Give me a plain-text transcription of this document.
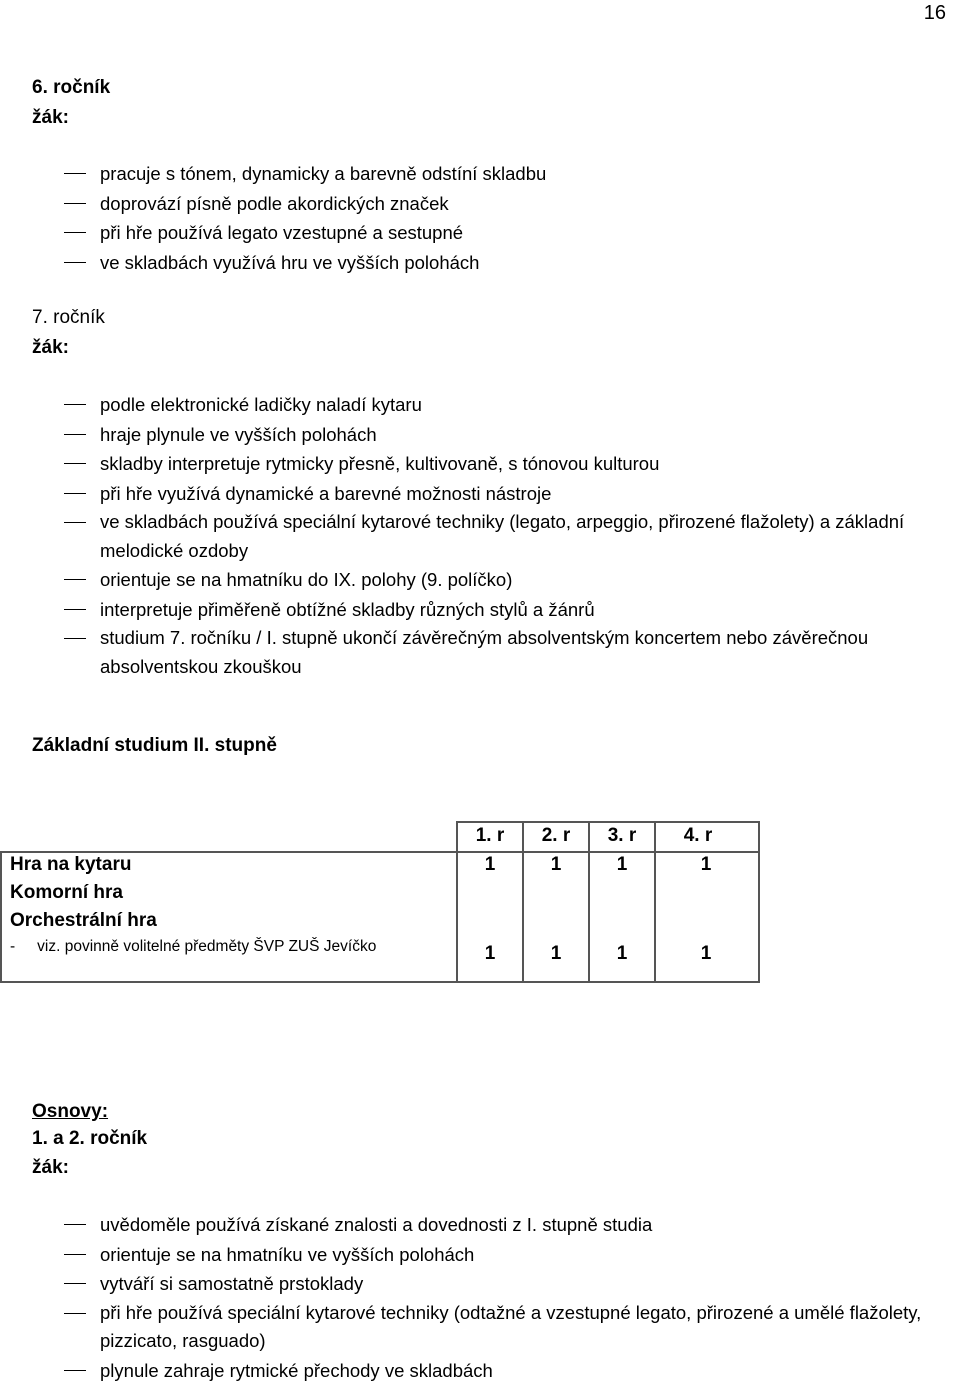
16
6. ročník
žák:
pracuje s tónem, dynamicky a barevně odstíní skladbu
doprovází písně podle akordických značek
při hře používá legato vzestupné a sestupné
ve skladbách využívá hru ve vyšších polohách
7. ročník
žák:
podle elektronické ladičky naladí kytaru
hraje plynule ve vyšších polohách
skladby interpretuje rytmicky přesně, kultivovaně, s tónovou kulturou
při hře využívá dynamické a barevné možnosti nástroje
ve skladbách používá speciální kytarové techniky (legato, arpeggio, přirozené flažolety) a základní melodické ozdoby
orientuje se na hmatníku do IX. polohy (9. políčko)
interpretuje přiměřeně obtížné skladby různých stylů a žánrů
studium 7. ročníku / I. stupně ukončí závěrečným absolventským koncertem nebo závěrečnou absolventskou zkouškou
Základní studium II. stupně
1. r	2. r	3. r	4. r
Hra na kytaru	1	1	1	1
Komorní hra
Orchestrální hra
- viz. povinně volitelné předměty ŠVP ZUŠ Jevíčko	1	1	1	1
Osnovy:
1. a 2. ročník
žák:
uvědoměle používá získané znalosti a dovednosti z I. stupně studia
orientuje se na hmatníku ve vyšších polohách
vytváří si samostatně prstoklady
při hře používá speciální kytarové techniky (odtažné a vzestupné legato, přirozené a umělé flažolety, pizzicato, rasguado)
plynule zahraje rytmické přechody ve skladbách
